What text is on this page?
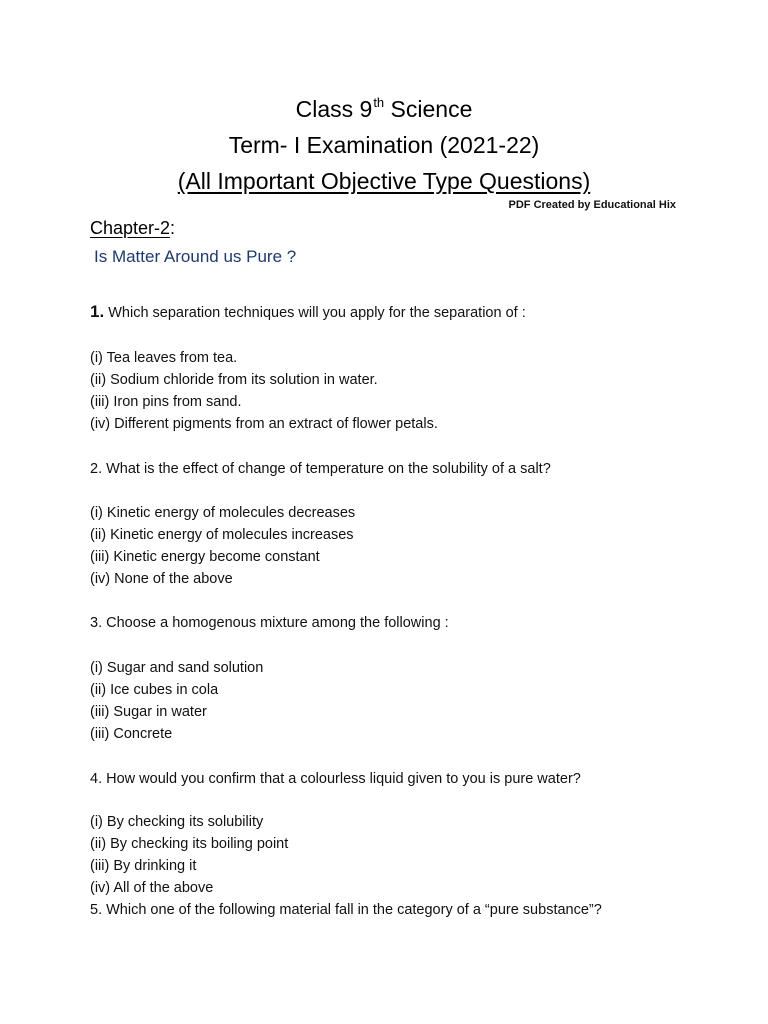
Class 9th Science
Term- I Examination (2021-22)
(All Important Objective Type Questions)
PDF Created by Educational Hix
Chapter-2:
Is Matter Around us Pure ?
1. Which separation techniques will you apply for the separation of :
(i) Tea leaves from tea.
(ii) Sodium chloride from its solution in water.
(iii) Iron pins from sand.
(iv) Different pigments from an extract of flower petals.
2. What is the effect of change of temperature on the solubility of a salt?
(i) Kinetic energy of molecules decreases
(ii) Kinetic energy of molecules increases
(iii) Kinetic energy become constant
(iv) None of the above
3. Choose a homogenous mixture among the following :
(i) Sugar and sand solution
(ii) Ice cubes in cola
(iii) Sugar in water
(iii) Concrete
4. How would you confirm that a colourless liquid given to you is pure water?
(i) By checking its solubility
(ii) By checking its boiling point
(iii) By drinking it
(iv) All of the above
5. Which one of the following material fall in the category of a “pure substance”?
